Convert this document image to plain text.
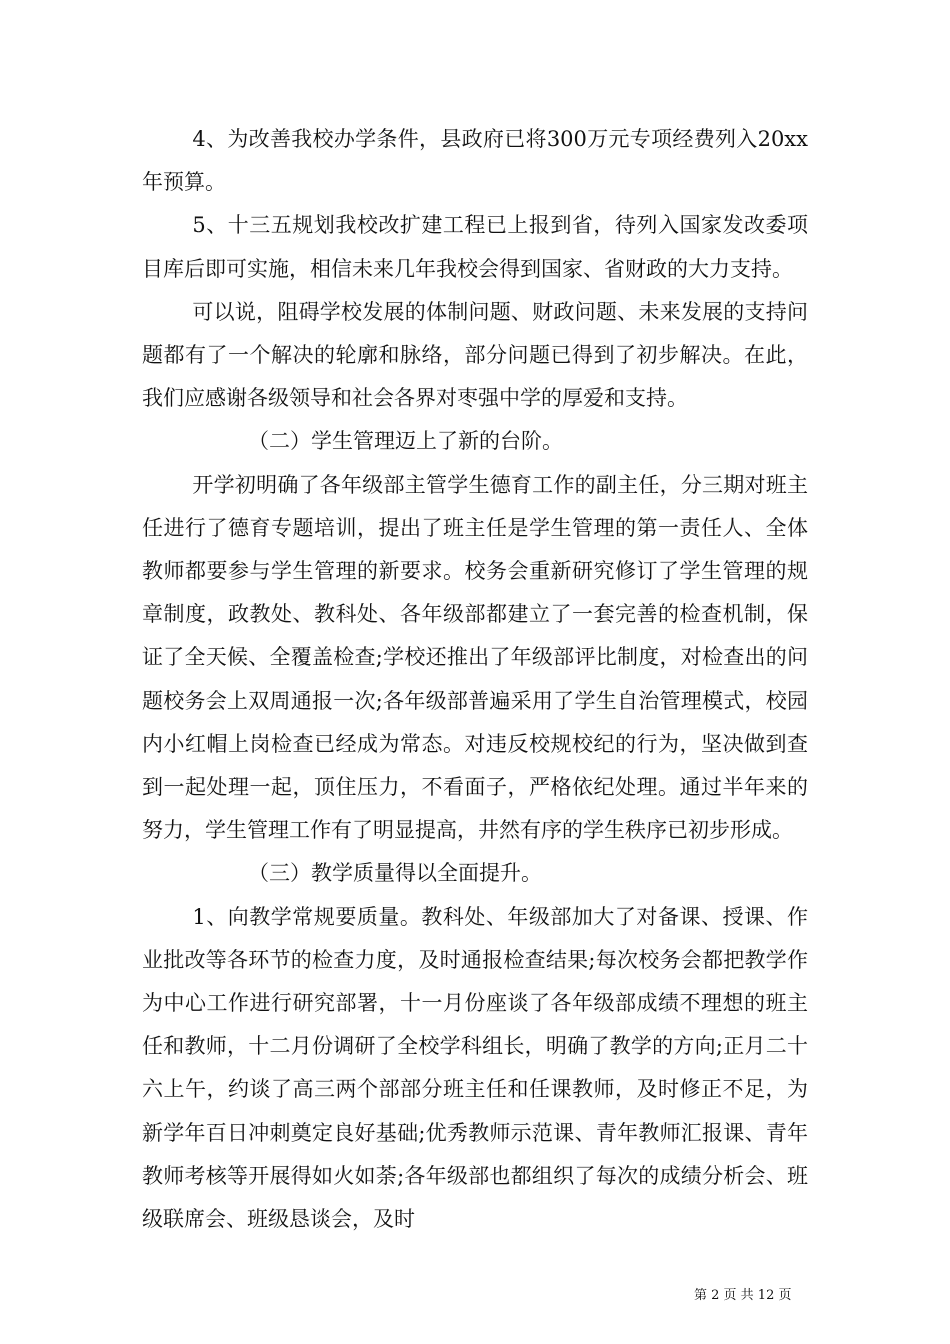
4、为改善我校办学条件，县政府已将300万元专项经费列入20xx年预算。

5、十三五规划我校改扩建工程已上报到省，待列入国家发改委项目库后即可实施，相信未来几年我校会得到国家、省财政的大力支持。

可以说，阻碍学校发展的体制问题、财政问题、未来发展的支持问题都有了一个解决的轮廓和脉络，部分问题已得到了初步解决。在此，我们应感谢各级领导和社会各界对枣强中学的厚爱和支持。

（二）学生管理迈上了新的台阶。

开学初明确了各年级部主管学生德育工作的副主任，分三期对班主任进行了德育专题培训，提出了班主任是学生管理的第一责任人、全体教师都要参与学生管理的新要求。校务会重新研究修订了学生管理的规章制度，政教处、教科处、各年级部都建立了一套完善的检查机制，保证了全天候、全覆盖检查;学校还推出了年级部评比制度，对检查出的问题校务会上双周通报一次;各年级部普遍采用了学生自治管理模式，校园内小红帽上岗检查已经成为常态。对违反校规校纪的行为，坚决做到查到一起处理一起，顶住压力，不看面子，严格依纪处理。通过半年来的努力，学生管理工作有了明显提高，井然有序的学生秩序已初步形成。

（三）教学质量得以全面提升。

1、向教学常规要质量。教科处、年级部加大了对备课、授课、作业批改等各环节的检查力度，及时通报检查结果;每次校务会都把教学作为中心工作进行研究部署，十一月份座谈了各年级部成绩不理想的班主任和教师，十二月份调研了全校学科组长，明确了教学的方向;正月二十六上午，约谈了高三两个部部分班主任和任课教师，及时修正不足，为新学年百日冲刺奠定良好基础;优秀教师示范课、青年教师汇报课、青年教师考核等开展得如火如荼;各年级部也都组织了每次的成绩分析会、班级联席会、班级恳谈会，及时

第 2 页 共 12 页
